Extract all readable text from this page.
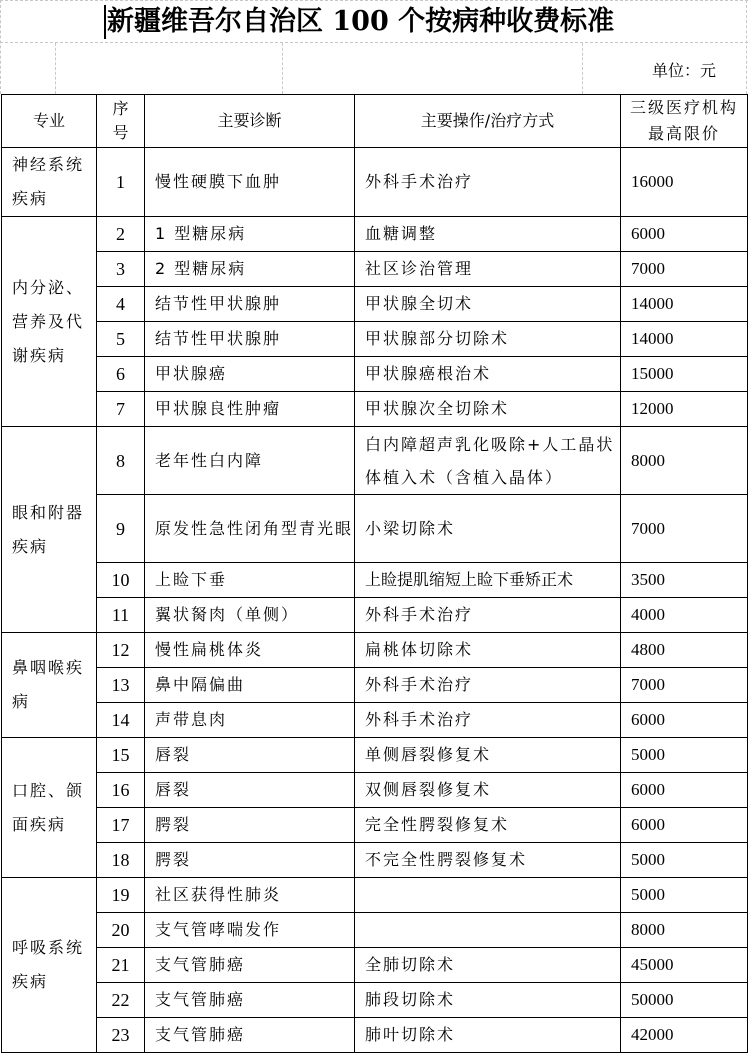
新疆维吾尔自治区 100 个按病种收费标准
单位：元
专业	序号	主要诊断	主要操作/治疗方式	三级医疗机构
最高限价

神经系统疾病	1	慢性硬膜下血肿	外科手术治疗	16000
内分泌、营养及代谢疾病	2	1 型糖尿病	血糖调整	6000
	3	2 型糖尿病	社区诊治管理	7000
	4	结节性甲状腺肿	甲状腺全切术	14000
	5	结节性甲状腺肿	甲状腺部分切除术	14000
	6	甲状腺癌	甲状腺癌根治术	15000
	7	甲状腺良性肿瘤	甲状腺次全切除术	12000
眼和附器疾病	8	老年性白内障	白内障超声乳化吸除+人工晶状体植入术（含植入晶体）	8000
	9	原发性急性闭角型青光眼	小梁切除术	7000
	10	上睑下垂	上睑提肌缩短上睑下垂矫正术	3500
	11	翼状胬肉（单侧）	外科手术治疗	4000
鼻咽喉疾病	12	慢性扁桃体炎	扁桃体切除术	4800
	13	鼻中隔偏曲	外科手术治疗	7000
	14	声带息肉	外科手术治疗	6000
口腔、颌面疾病	15	唇裂	单侧唇裂修复术	5000
	16	唇裂	双侧唇裂修复术	6000
	17	腭裂	完全性腭裂修复术	6000
	18	腭裂	不完全性腭裂修复术	5000
呼吸系统疾病	19	社区获得性肺炎		5000
	20	支气管哮喘发作		8000
	21	支气管肺癌	全肺切除术	45000
	22	支气管肺癌	肺段切除术	50000
	23	支气管肺癌	肺叶切除术	42000
